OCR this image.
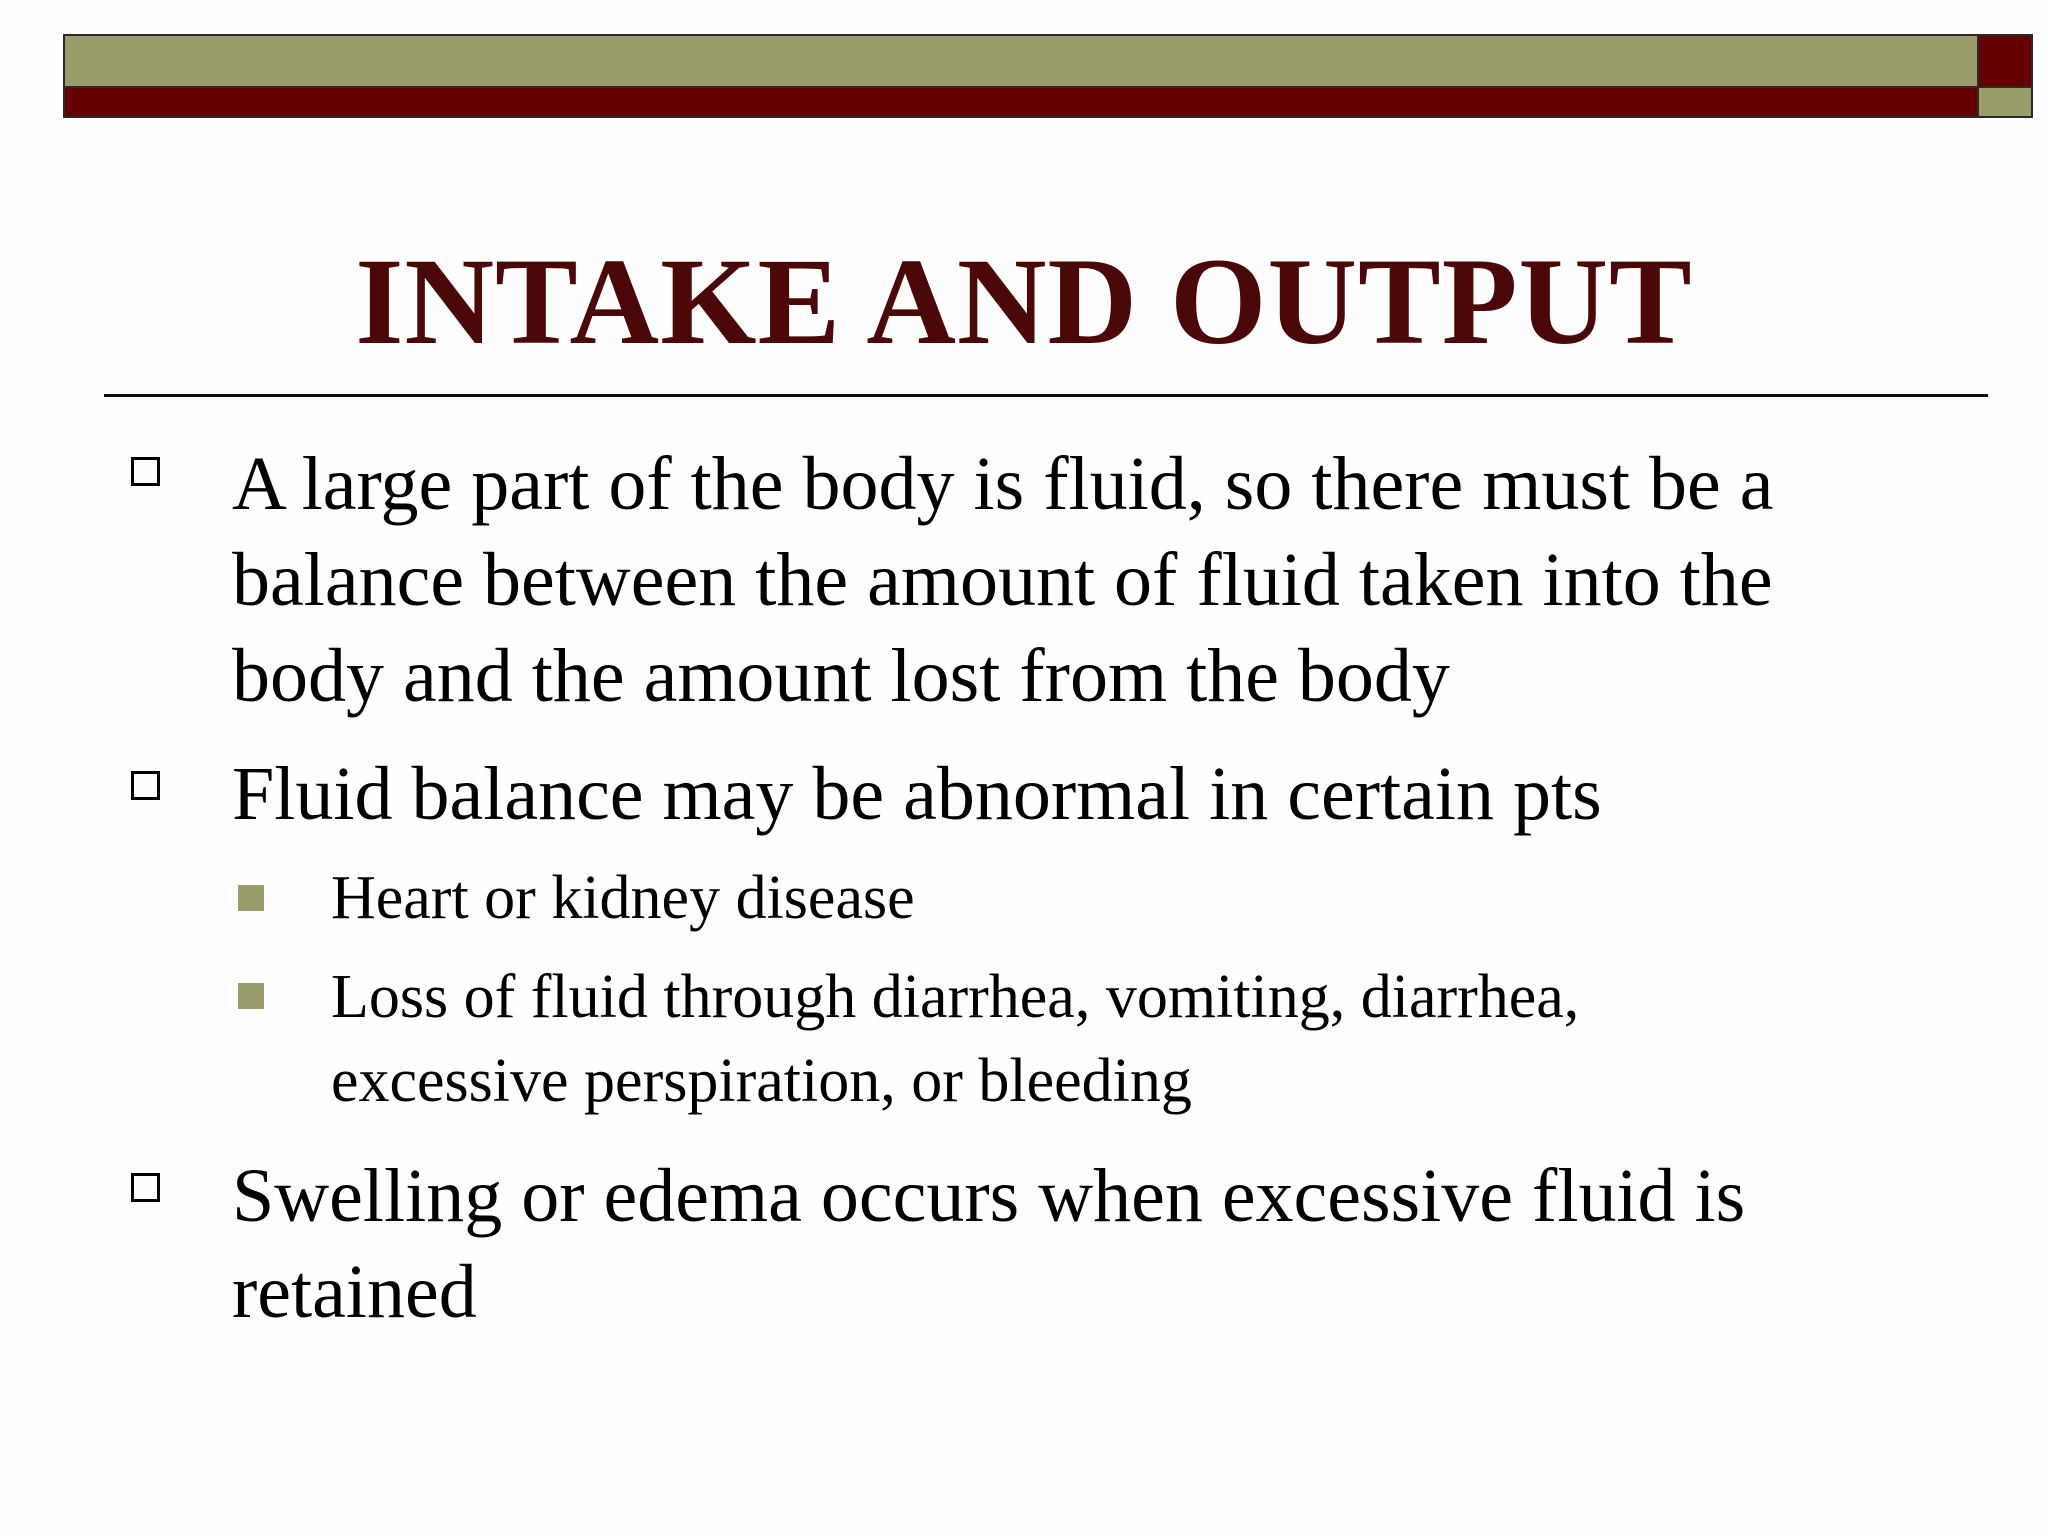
INTAKE AND OUTPUT
A large part of the body is fluid, so there must be a
balance between the amount of fluid taken into the
body and the amount lost from the body
Fluid balance may be abnormal in certain pts
Heart or kidney disease
Loss of fluid through diarrhea, vomiting, diarrhea,
excessive perspiration, or bleeding
Swelling or edema occurs when excessive fluid is
retained
